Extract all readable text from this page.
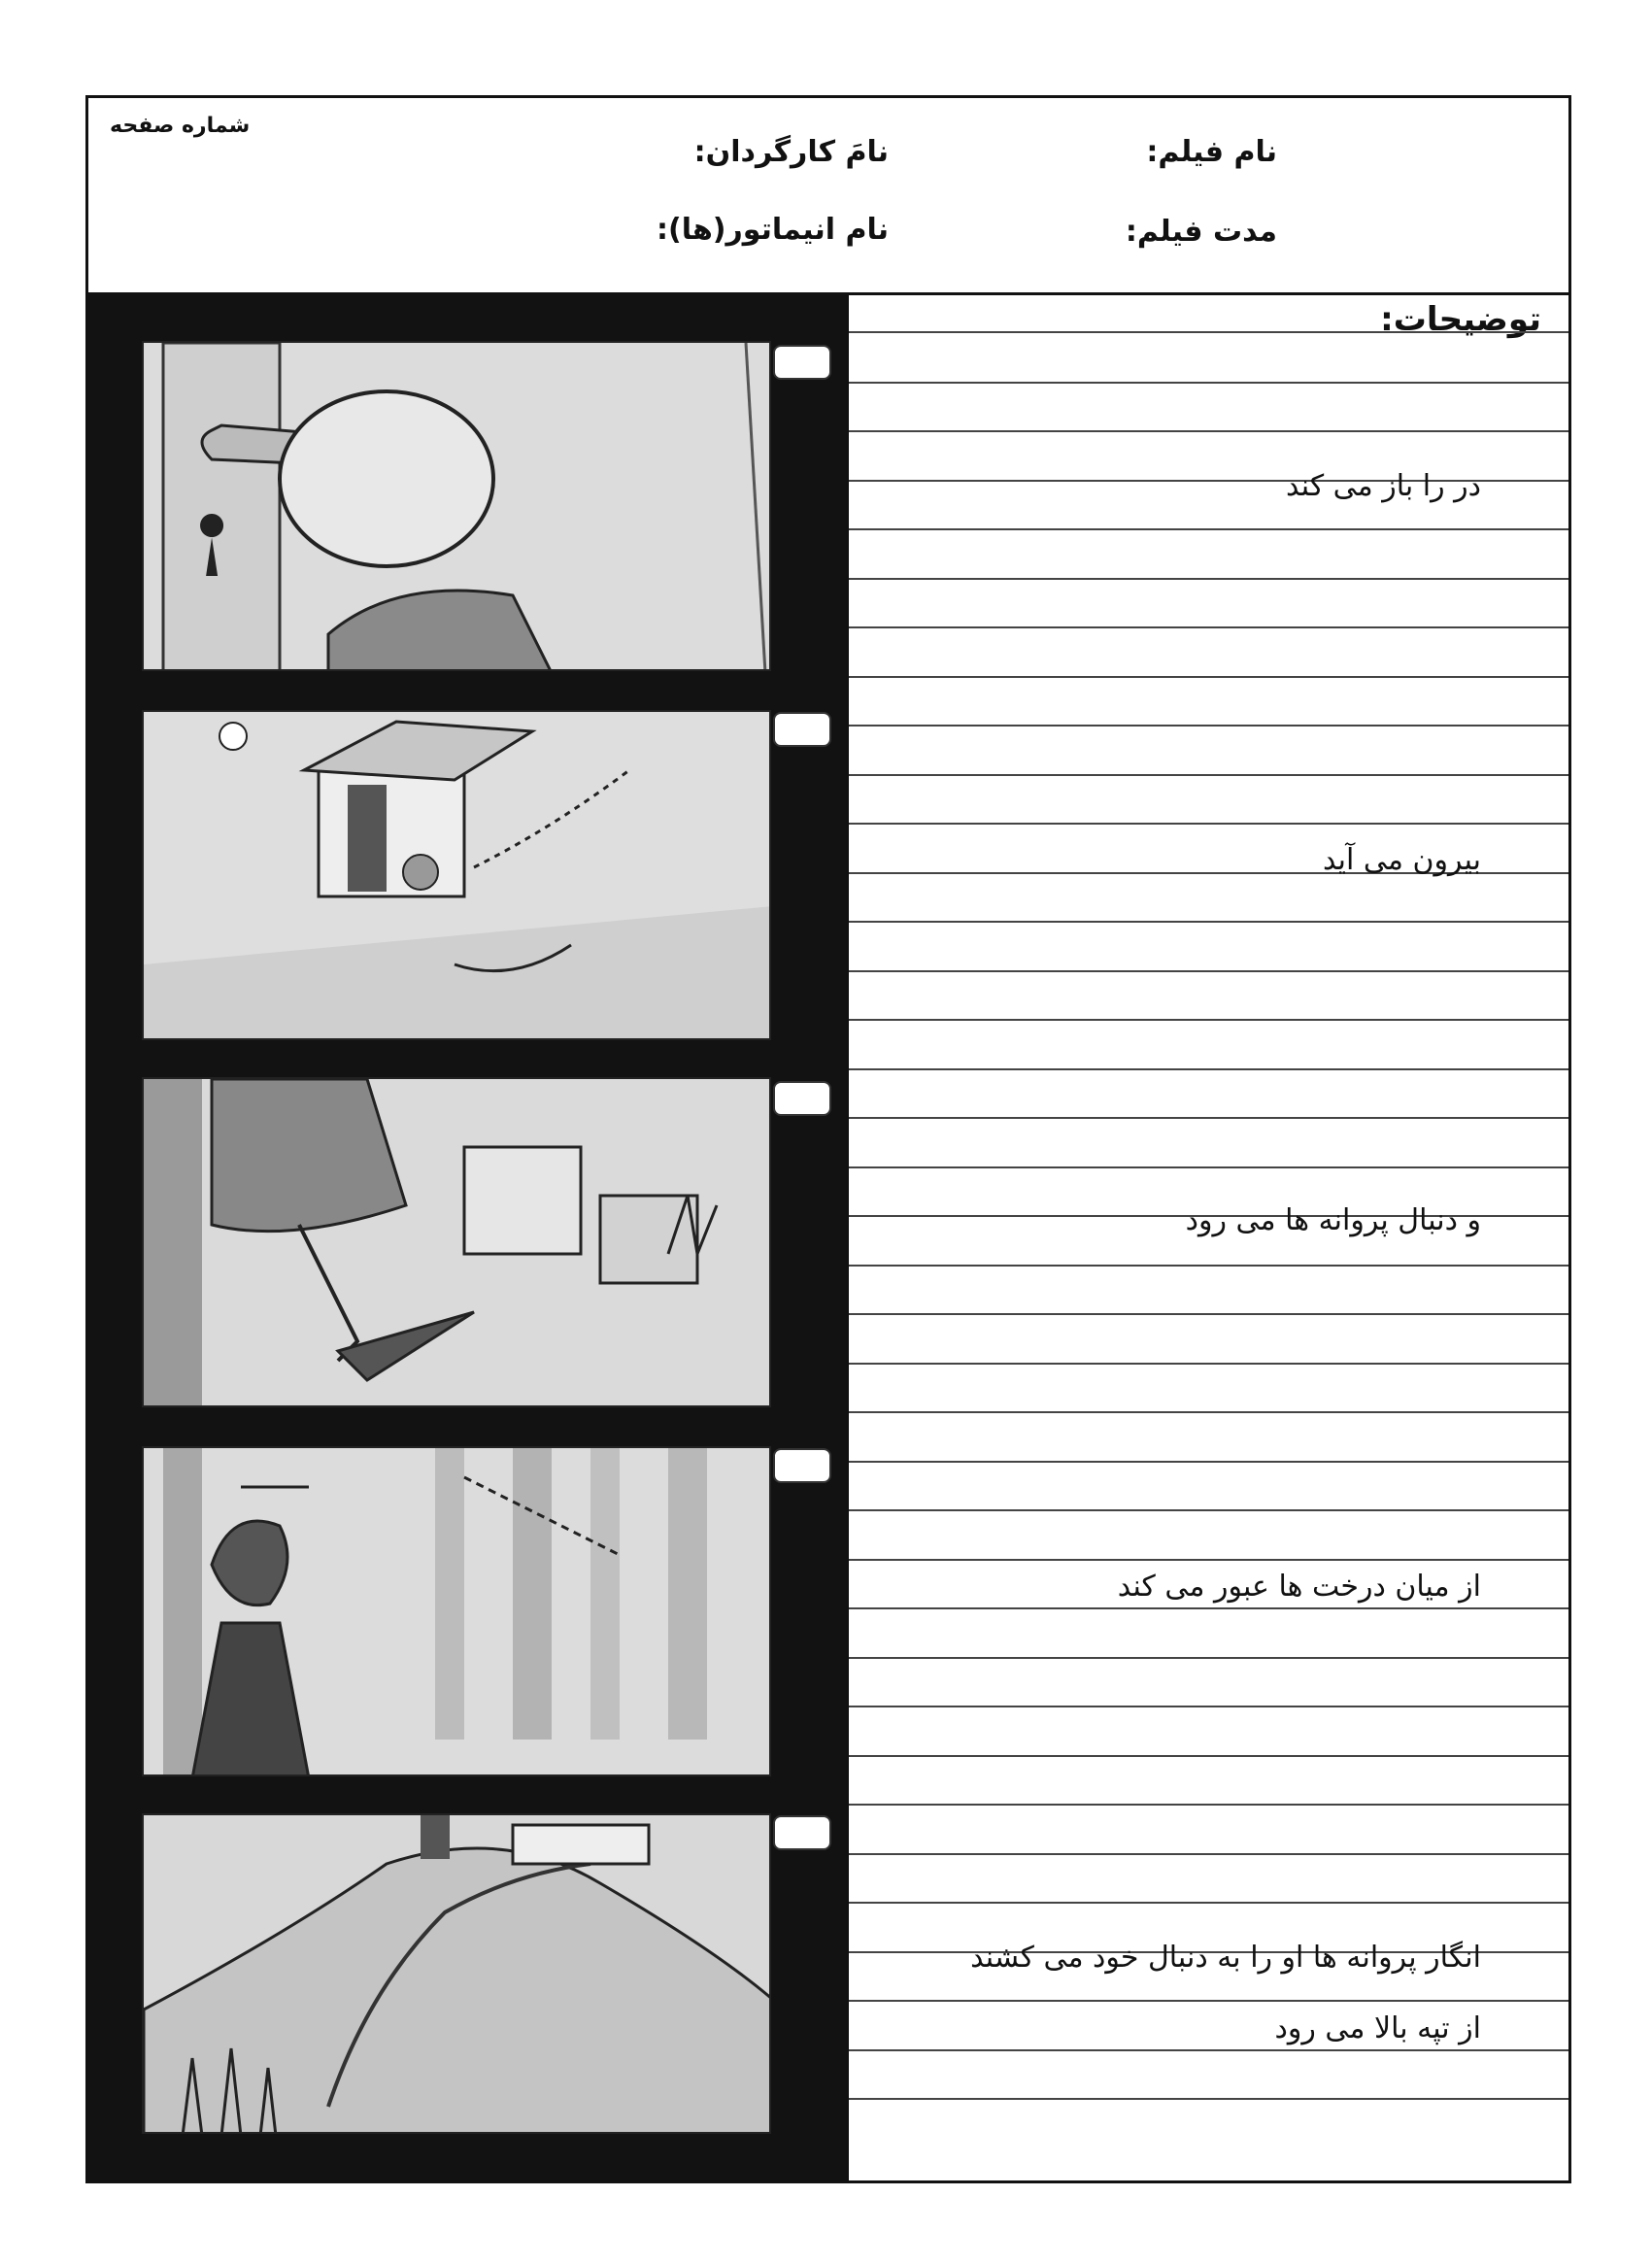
شماره صفحه
نام فیلم:
نامَ کارگردان:
مدت فیلم:
نام انیماتور(ها):
توضیحات:
در را باز می کند
بیرون می آید
و دنبال پروانه ها می رود
از میان درخت ها عبور می کند
انگار پروانه ها او را به دنبال خود می کشند
از تپه بالا می رود
